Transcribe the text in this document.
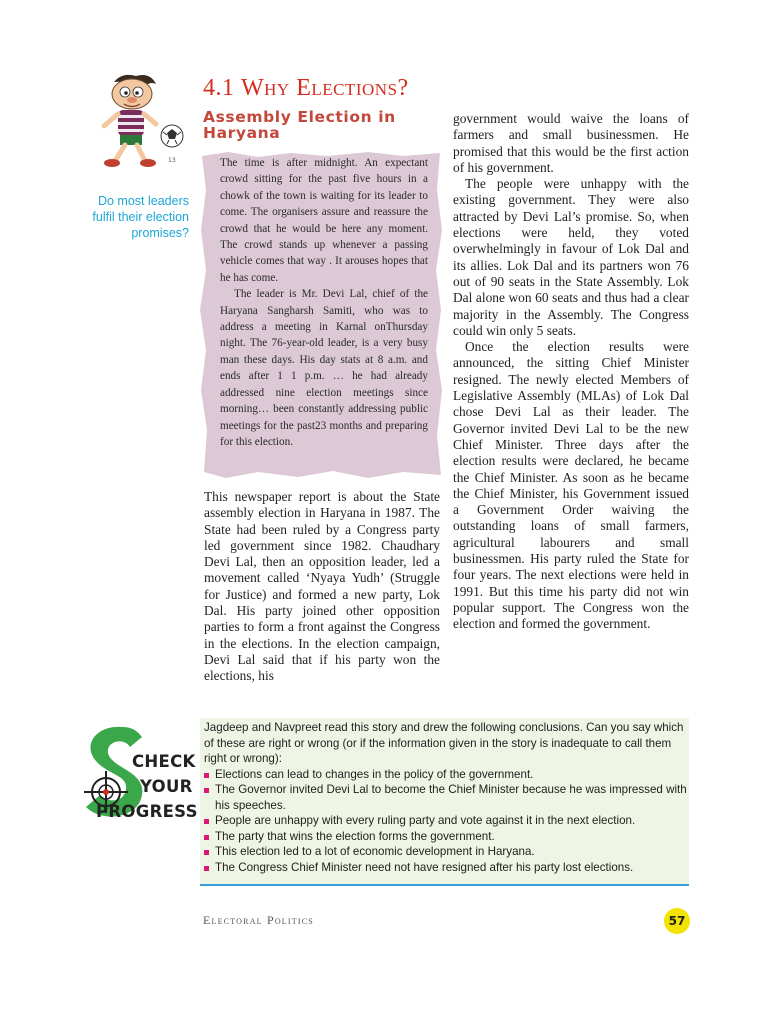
13
Do most leaders fulfil their election promises?
4.1 Why Elections?
Assembly Election in Haryana

The time is after midnight. An expectant crowd sitting for the past five hours in a chowk of the town is waiting for its leader to come. The organisers assure and reassure the crowd that he would be here any moment. The crowd stands up whenever a passing vehicle comes that way . It arouses hopes that he has come.

The leader is Mr. Devi Lal, chief of the Haryana Sangharsh Samiti, who was to address a meeting in Karnal onThursday night. The 76-year-old leader, is a very busy man these days. His day stats at 8 a.m. and ends after 1 1 p.m. … he had already addressed nine election meetings since morning… been constantly addressing public meetings for the past23 months and preparing for this election.

This newspaper report is about the State assembly election in Haryana in 1987. The State had been ruled by a Congress party led government since 1982. Chaudhary Devi Lal, then an opposition leader, led a movement called ‘Nyaya Yudh’ (Struggle for Justice) and formed a new party, Lok Dal. His party joined other opposition parties to form a front against the Congress in the elections. In the election campaign, Devi Lal said that if his party won the elections, his

government would waive the loans of farmers and small businessmen. He promised that this would be the first action of his government.

The people were unhappy with the existing government. They were also attracted by Devi Lal’s promise. So, when elections were held, they voted overwhelmingly in favour of Lok Dal and its allies. Lok Dal and its partners won 76 out of 90 seats in the State Assembly. Lok Dal alone won 60 seats and thus had a clear majority in the Assembly. The Congress could win only 5 seats.

Once the election results were announced, the sitting Chief Minister resigned. The newly elected Members of Legislative Assembly (MLAs) of Lok Dal chose Devi Lal as their leader. The Governor invited Devi Lal to be the new Chief Minister. Three days after the election results were declared, he became the Chief Minister. As soon as he became the Chief Minister, his Government issued a Government Order waiving the outstanding loans of small farmers, agricultural labourers and small businessmen. His party ruled the State for four years. The next elections were held in 1991. But this time his party did not win popular support. The Congress won the election and formed the government.

CHECK
YOUR
PROGRESS

Jagdeep and Navpreet read this story and drew the following conclusions. Can you say which of these are right or wrong (or if the information given in the story is inadequate to call them right or wrong):

Elections can lead to changes in the policy of the government.
The Governor invited Devi Lal to become the Chief Minister because he was impressed with his speeches.
People are unhappy with every ruling party and vote against it in the next election.
The party that wins the election forms the government.
This election led to a lot of economic development in Haryana.
The Congress Chief Minister need not have resigned after his party lost elections.
Electoral Politics	57
